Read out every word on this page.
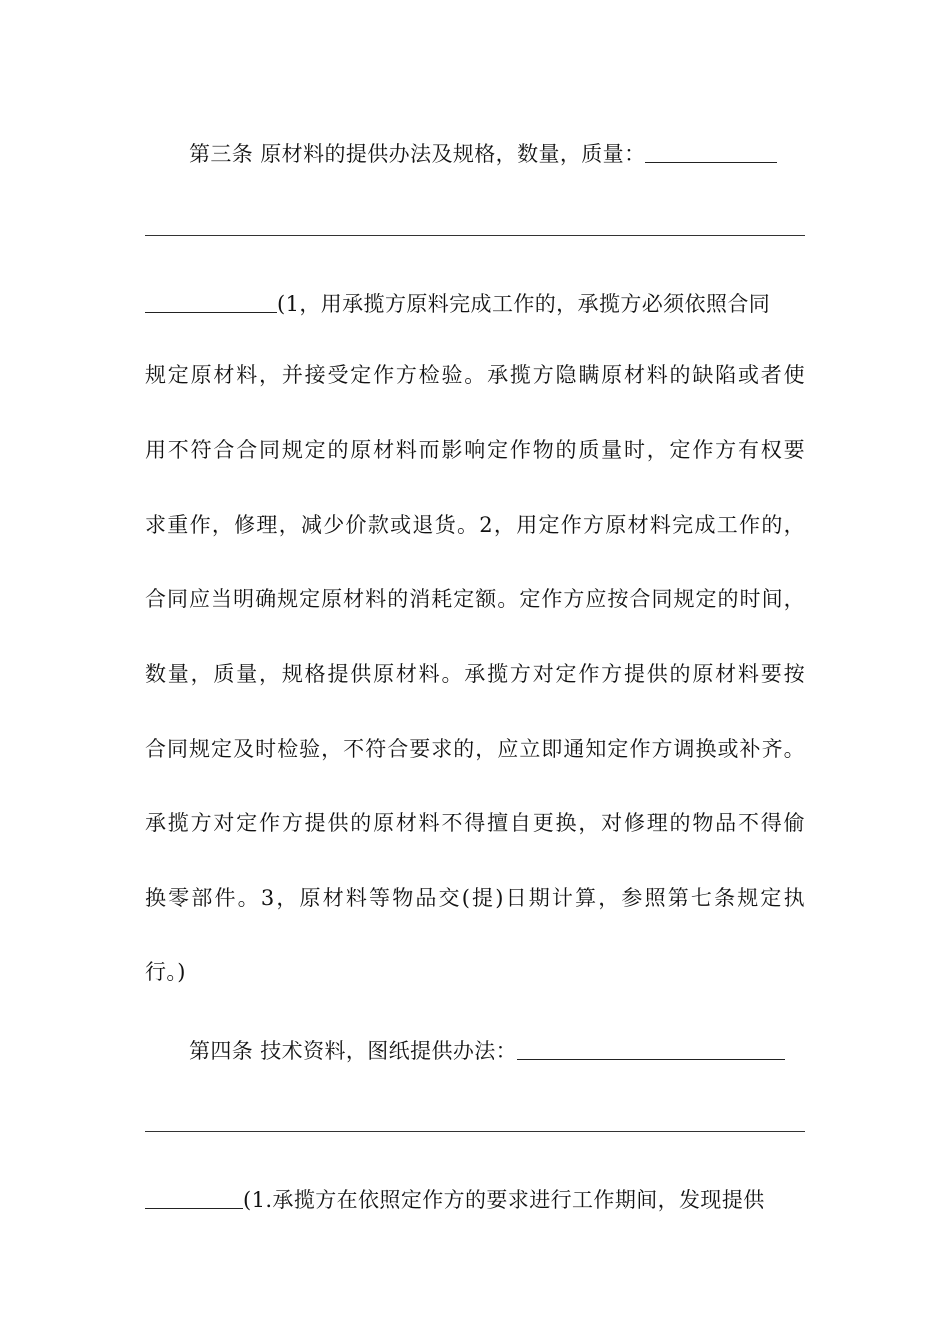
第三条 原材料的提供办法及规格，数量，质量：
(1，用承揽方原料完成工作的，承揽方必须依照合同
规定原材料，并接受定作方检验。承揽方隐瞒原材料的缺陷或者使
用不符合合同规定的原材料而影响定作物的质量时，定作方有权要
求重作，修理，减少价款或退货。2，用定作方原材料完成工作的，
合同应当明确规定原材料的消耗定额。定作方应按合同规定的时间，
数量，质量，规格提供原材料。承揽方对定作方提供的原材料要按
合同规定及时检验，不符合要求的，应立即通知定作方调换或补齐。
承揽方对定作方提供的原材料不得擅自更换，对修理的物品不得偷
换零部件。3，原材料等物品交(提)日期计算，参照第七条规定执
行。)
第四条 技术资料，图纸提供办法：
(1.承揽方在依照定作方的要求进行工作期间，发现提供
